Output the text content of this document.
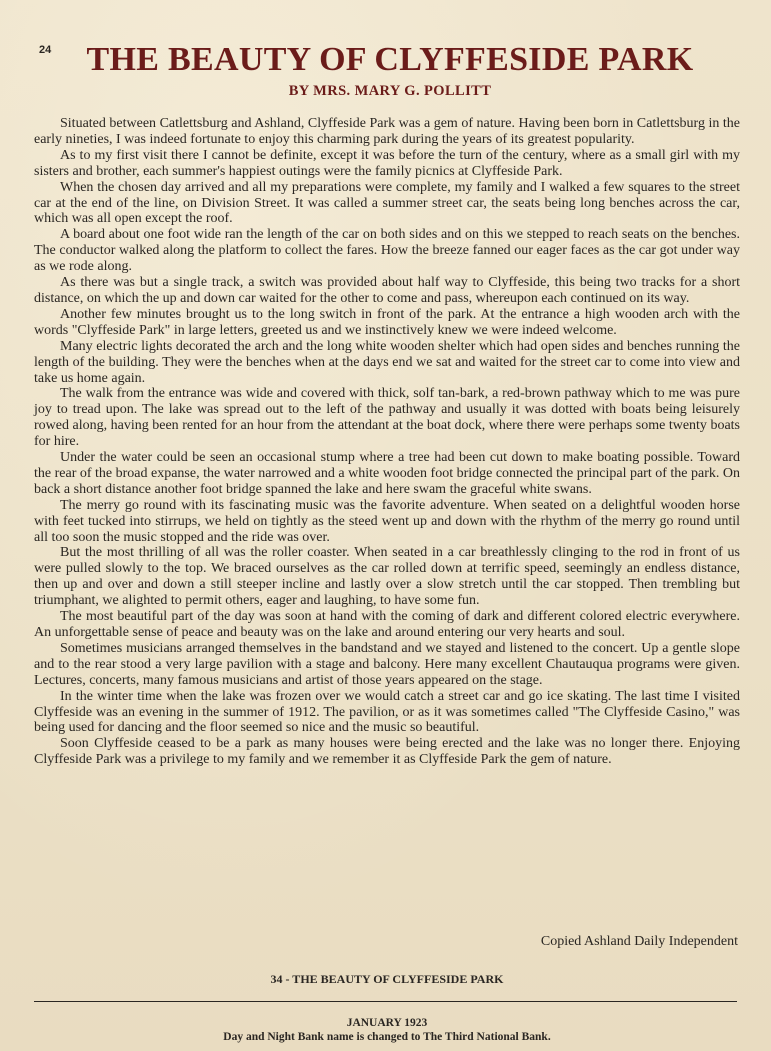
24	THE BEAUTY OF CLYFFESIDE PARK
BY MRS. MARY G. POLLITT

Situated between Catlettsburg and Ashland, Clyffeside Park was a gem of nature. Having been born in Catlettsburg in the early nineties, I was indeed fortunate to enjoy this charming park during the years of its greatest popularity.

As to my first visit there I cannot be definite, except it was before the turn of the century, where as a small girl with my sisters and brother, each summer's happiest outings were the family picnics at Clyffeside Park.

When the chosen day arrived and all my preparations were complete, my family and I walked a few squares to the street car at the end of the line, on Division Street. It was called a summer street car, the seats being long benches across the car, which was all open except the roof.

A board about one foot wide ran the length of the car on both sides and on this we stepped to reach seats on the benches. The conductor walked along the platform to collect the fares. How the breeze fanned our eager faces as the car got under way as we rode along.

As there was but a single track, a switch was provided about half way to Clyffeside, this being two tracks for a short distance, on which the up and down car waited for the other to come and pass, whereupon each continued on its way.

Another few minutes brought us to the long switch in front of the park. At the entrance a high wooden arch with the words "Clyffeside Park" in large letters, greeted us and we instinctively knew we were indeed welcome.

Many electric lights decorated the arch and the long white wooden shelter which had open sides and benches running the length of the building. They were the benches when at the days end we sat and waited for the street car to come into view and take us home again.

The walk from the entrance was wide and covered with thick, solf tan-bark, a red-brown pathway which to me was pure joy to tread upon. The lake was spread out to the left of the pathway and usually it was dotted with boats being leisurely rowed along, having been rented for an hour from the attendant at the boat dock, where there were perhaps some twenty boats for hire.

Under the water could be seen an occasional stump where a tree had been cut down to make boating possible. Toward the rear of the broad expanse, the water narrowed and a white wooden foot bridge connected the principal part of the park. On back a short distance another foot bridge spanned the lake and here swam the graceful white swans.

The merry go round with its fascinating music was the favorite adventure. When seated on a delightful wooden horse with feet tucked into stirrups, we held on tightly as the steed went up and down with the rhythm of the merry go round until all too soon the music stopped and the ride was over.

But the most thrilling of all was the roller coaster. When seated in a car breathlessly clinging to the rod in front of us were pulled slowly to the top. We braced ourselves as the car rolled down at terrific speed, seemingly an endless distance, then up and over and down a still steeper incline and lastly over a slow stretch until the car stopped. Then trembling but triumphant, we alighted to permit others, eager and laughing, to have some fun.

The most beautiful part of the day was soon at hand with the coming of dark and different colored electric everywhere. An unforgettable sense of peace and beauty was on the lake and around entering our very hearts and soul.

Sometimes musicians arranged themselves in the bandstand and we stayed and listened to the concert. Up a gentle slope and to the rear stood a very large pavilion with a stage and balcony. Here many excellent Chautauqua programs were given. Lectures, concerts, many famous musicians and artist of those years appeared on the stage.

In the winter time when the lake was frozen over we would catch a street car and go ice skating. The last time I visited Clyffeside was an evening in the summer of 1912. The pavilion, or as it was sometimes called "The Clyffeside Casino," was being used for dancing and the floor seemed so nice and the music so beautiful.

Soon Clyffeside ceased to be a park as many houses were being erected and the lake was no longer there. Enjoying Clyffeside Park was a privilege to my family and we remember it as Clyffeside Park the gem of nature.

Copied Ashland Daily Independent
34 - THE BEAUTY OF CLYFFESIDE PARK
JANUARY 1923
Day and Night Bank name is changed to The Third National Bank.
